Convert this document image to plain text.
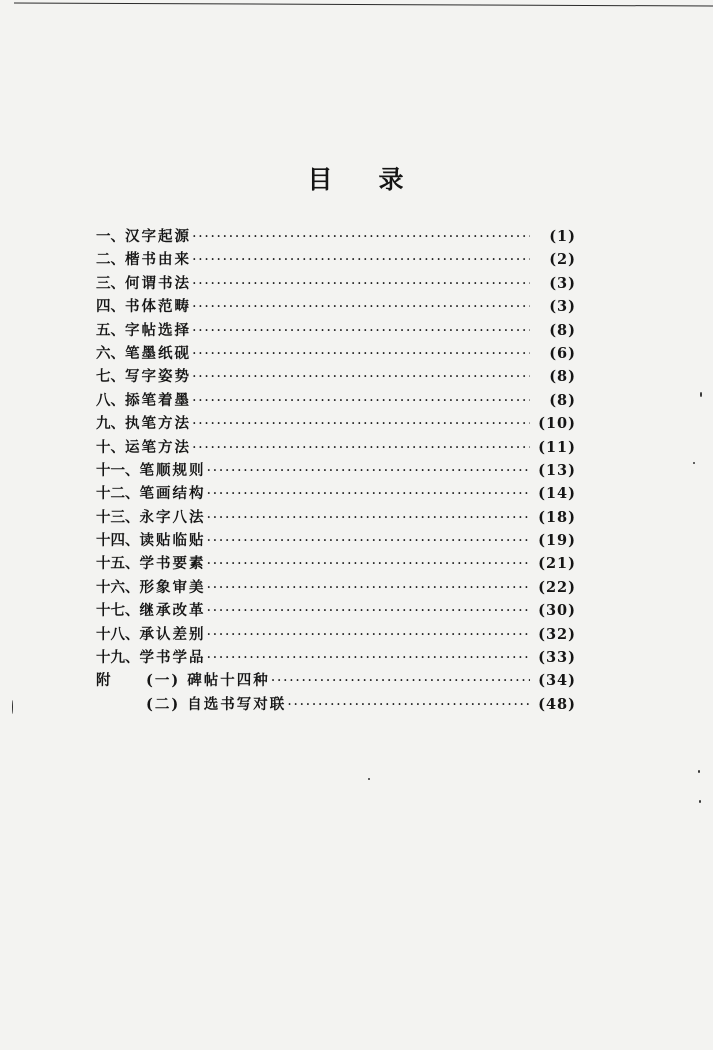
目 录
一、 汉字起源 ·····	(1)
二、 楷书由来 ·····	(2)
三、 何谓书法 ·····	(3)
四、 书体范畴 ·····	(3)
五、 字帖选择 ·····	(8)
六、 笔墨纸砚 ·····	(6)
七、 写字姿势 ·····	(8)
八、 掭笔着墨 ·····	(8)
九、 执笔方法 ·····	(10)
十、 运笔方法 ·····	(11)
十一、 笔顺规则 ·····	(13)
十二、 笔画结构 ·····	(14)
十三、 永字八法 ·····	(18)
十四、 读贴临贴 ·····	(19)
十五、 学书要素 ·····	(21)
十六、 形象审美 ·····	(22)
十七、 继承改革 ·····	(30)
十八、 承认差别 ·····	(32)
十九、 学书学品 ·····	(33)
附	(一) 碑帖十四种 ·····	(34)
(二) 自选书写对联 ·····	(48)
